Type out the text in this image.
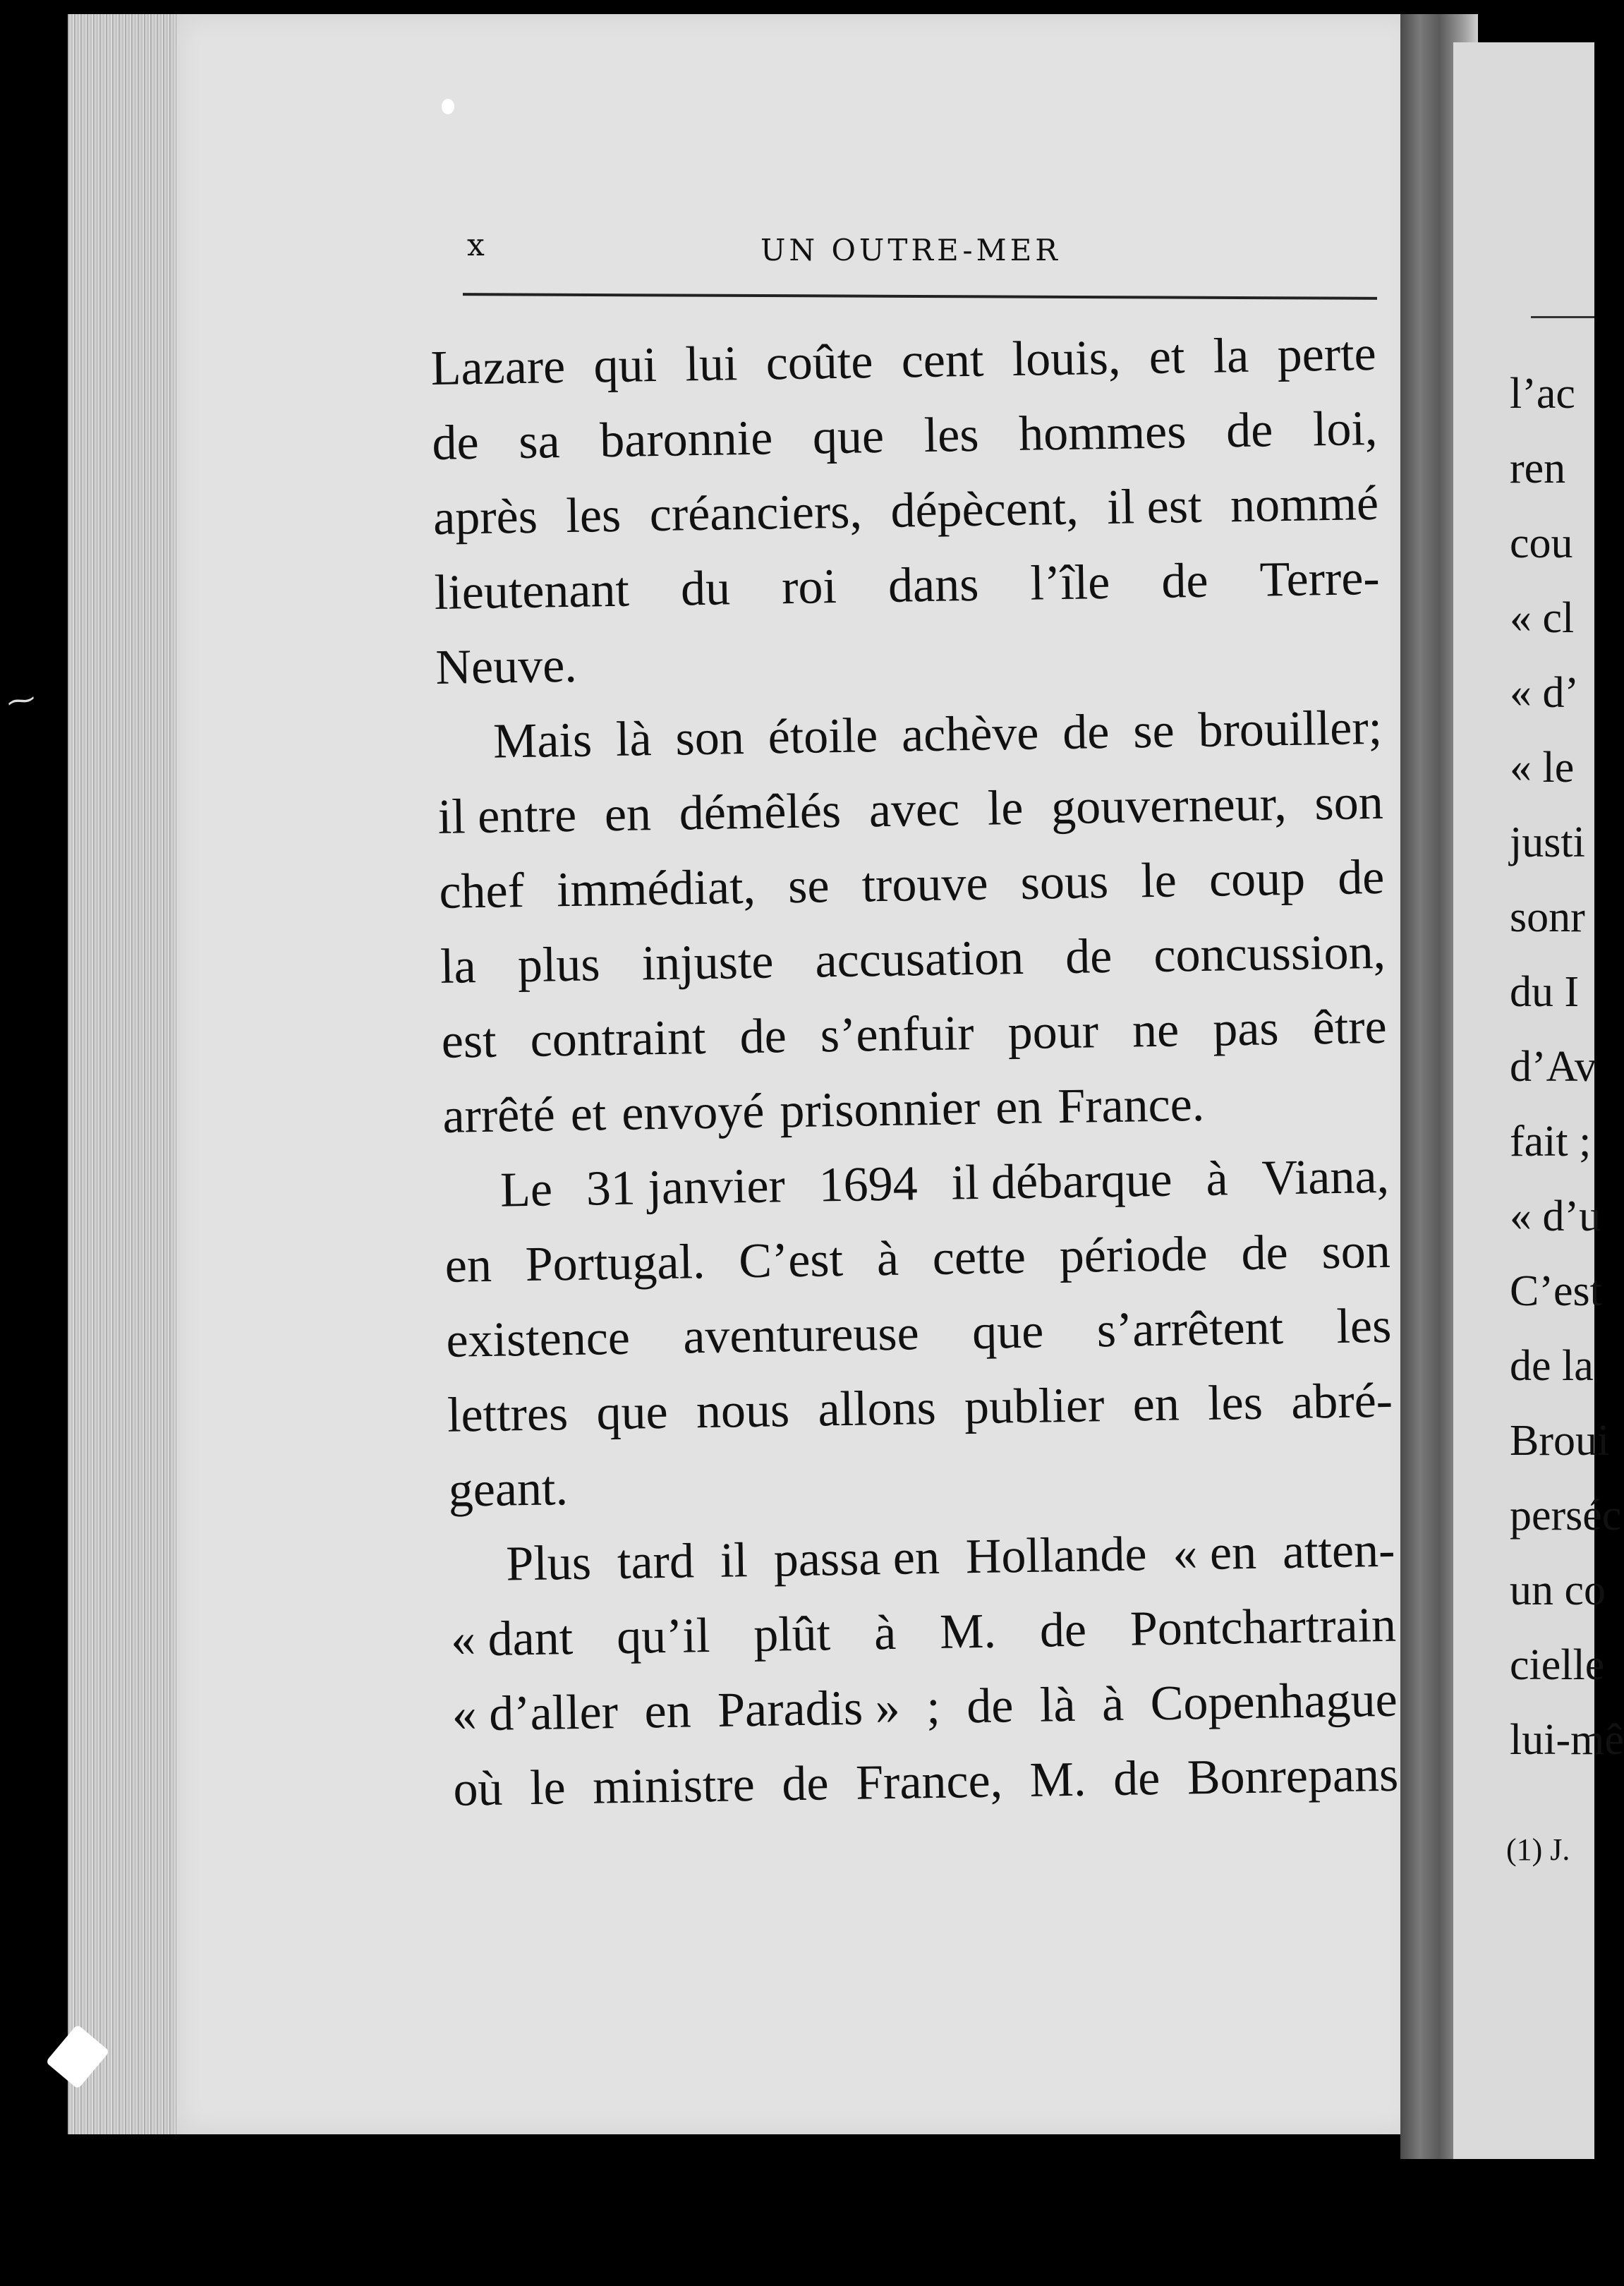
x	UN OUTRE-MER
Lazare qui lui coûte cent louis, et la perte
de sa baronnie que les hommes de loi,
après les créanciers, dépècent, il est nommé
lieutenant du roi dans l’île de Terre-
Neuve.
Mais là son étoile achève de se brouiller;
il entre en démêlés avec le gouverneur, son
chef immédiat, se trouve sous le coup de
la plus injuste accusation de concussion,
est contraint de s’enfuir pour ne pas être
arrêté et envoyé prisonnier en France.
Le 31 janvier 1694 il débarque à Viana,
en Portugal. C’est à cette période de son
existence aventureuse que s’arrêtent les
lettres que nous allons publier en les abré-
geant.
Plus tard il passa en Hollande « en atten-
« dant qu’il plût à M. de Pontchartrain
« d’aller en Paradis » ; de là à Copenhague
où le ministre de France, M. de Bonrepans
l’ac
ren
cou
« cl
« d’
« le
justi
sonr
du I
d’Av
fait ;
« d’u
C’est
de la
Broui
perséc
un co
cielle
lui-mê
(1) J.
⁓
